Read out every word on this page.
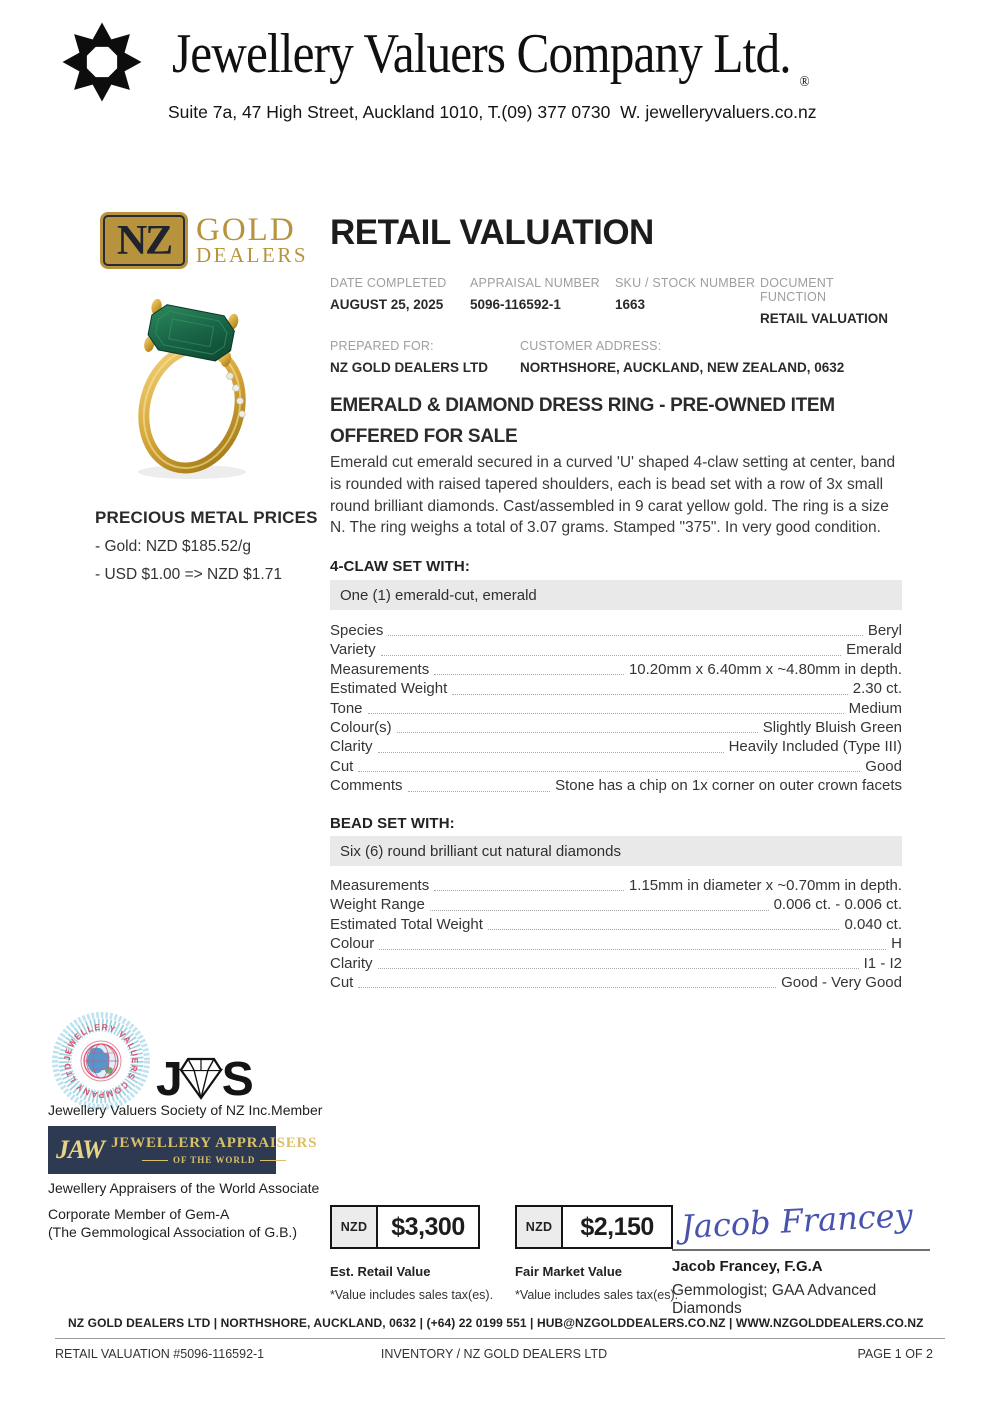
Jewellery Valuers Company Ltd. ®
Suite 7a, 47 High Street, Auckland 1010, T.(09) 377 0730  W. jewelleryvaluers.co.nz
NZ GOLD
DEALERS
PRECIOUS METAL PRICES
- Gold: NZD $185.52/g
- USD $1.00 => NZD $1.71
RETAIL VALUATION
DATE COMPLETED
AUGUST 25, 2025
APPRAISAL NUMBER
5096-116592-1
SKU / STOCK NUMBER
1663
DOCUMENT FUNCTION
RETAIL VALUATION
PREPARED FOR:
NZ GOLD DEALERS LTD
CUSTOMER ADDRESS:
NORTHSHORE, AUCKLAND, NEW ZEALAND, 0632
EMERALD & DIAMOND DRESS RING - PRE-OWNED ITEM OFFERED FOR SALE
Emerald cut emerald secured in a curved 'U' shaped 4-claw setting at center, band is rounded with raised tapered shoulders, each is bead set with a row of 3x small round brilliant diamonds. Cast/assembled in 9 carat yellow gold. The ring is a size N. The ring weighs a total of 3.07 grams. Stamped "375". In very good condition.
4-CLAW SET WITH:
One (1) emerald-cut, emerald
Species	Beryl
Variety	Emerald
Measurements	10.20mm x 6.40mm x ~4.80mm in depth.
Estimated Weight	2.30 ct.
Tone	Medium
Colour(s)	Slightly Bluish Green
Clarity	Heavily Included (Type III)
Cut	Good
Comments	Stone has a chip on 1x corner on outer crown facets
BEAD SET WITH:
Six (6) round brilliant cut natural diamonds
Measurements	1.15mm in diameter x ~0.70mm in depth.
Weight Range	0.006 ct. - 0.006 ct.
Estimated Total Weight	0.040 ct.
Colour	H
Clarity	I1 - I2
Cut	Good - Very Good
JEWELLERY VALUERS COMPANY LTD	J S
Jewellery Valuers Society of NZ Inc.Member
JAW JEWELLERY APPRAISERS
OF THE WORLD
Jewellery Appraisers of the World Associate
Corporate Member of Gem-A
(The Gemmological Association of G.B.)	NZD $3,300
Est. Retail Value
*Value includes sales tax(es).
NZD	$2,150
Fair Market Value
*Value includes sales tax(es).
Jacob Francey
Jacob Francey, F.G.A
Gemmologist; GAA Advanced Diamonds
NZ GOLD DEALERS LTD | NORTHSHORE, AUCKLAND, 0632 | (+64) 22 0199 551 | HUB@NZGOLDDEALERS.CO.NZ | WWW.NZGOLDDEALERS.CO.NZ
RETAIL VALUATION #5096-116592-1	INVENTORY / NZ GOLD DEALERS LTD	PAGE 1 OF 2
